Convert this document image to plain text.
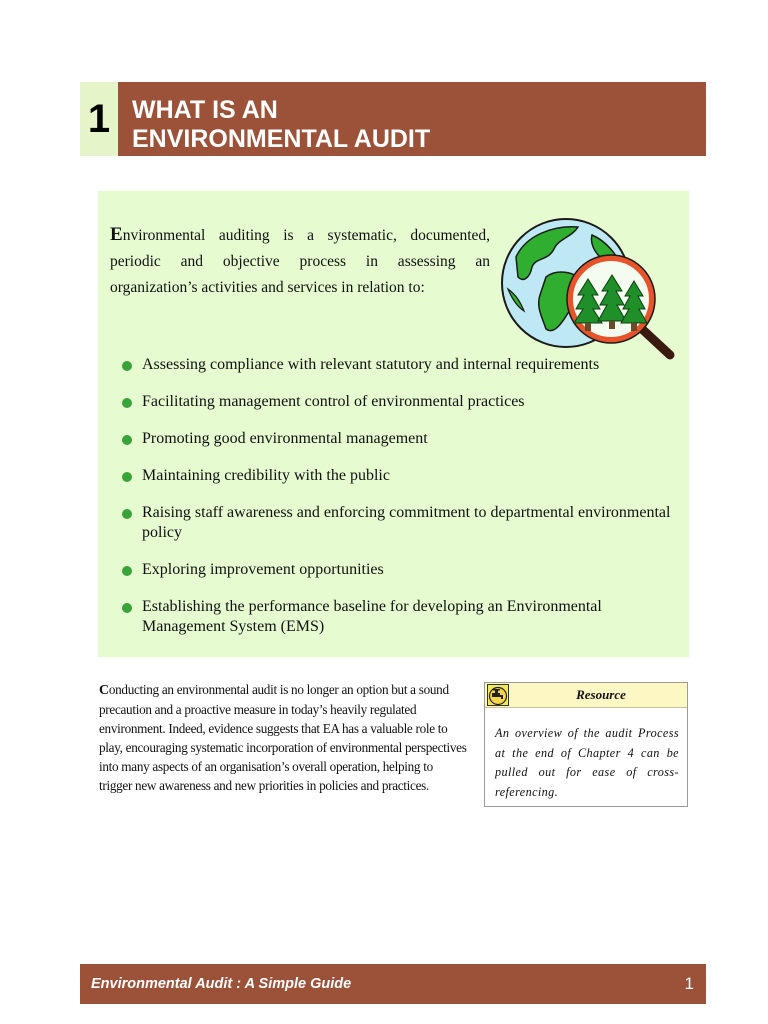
1 WHAT IS AN
ENVIRONMENTAL AUDIT
Environmental auditing is a systematic, documented,
periodic and objective process in assessing an
organization’s activities and services in relation to:
Assessing compliance with relevant statutory and internal requirements
Facilitating management control of environmental practices
Promoting good environmental management
Maintaining credibility with the public
Raising staff awareness and enforcing commitment to departmental environmental policy
Exploring improvement opportunities
Establishing the performance baseline for developing an Environmental Management System (EMS)
Conducting an environmental audit is no longer an option but a sound precaution and a proactive measure in today’s heavily regulated environment. Indeed, evidence suggests that EA has a valuable role to play, encouraging systematic incorporation of environmental perspectives into many aspects of an organisation’s overall operation, helping to trigger new awareness and new priorities in policies and practices.
Resource
An overview of the audit Process
at the end of Chapter 4 can be
pulled out for ease of cross-
referencing.
Environmental Audit : A Simple Guide	1
